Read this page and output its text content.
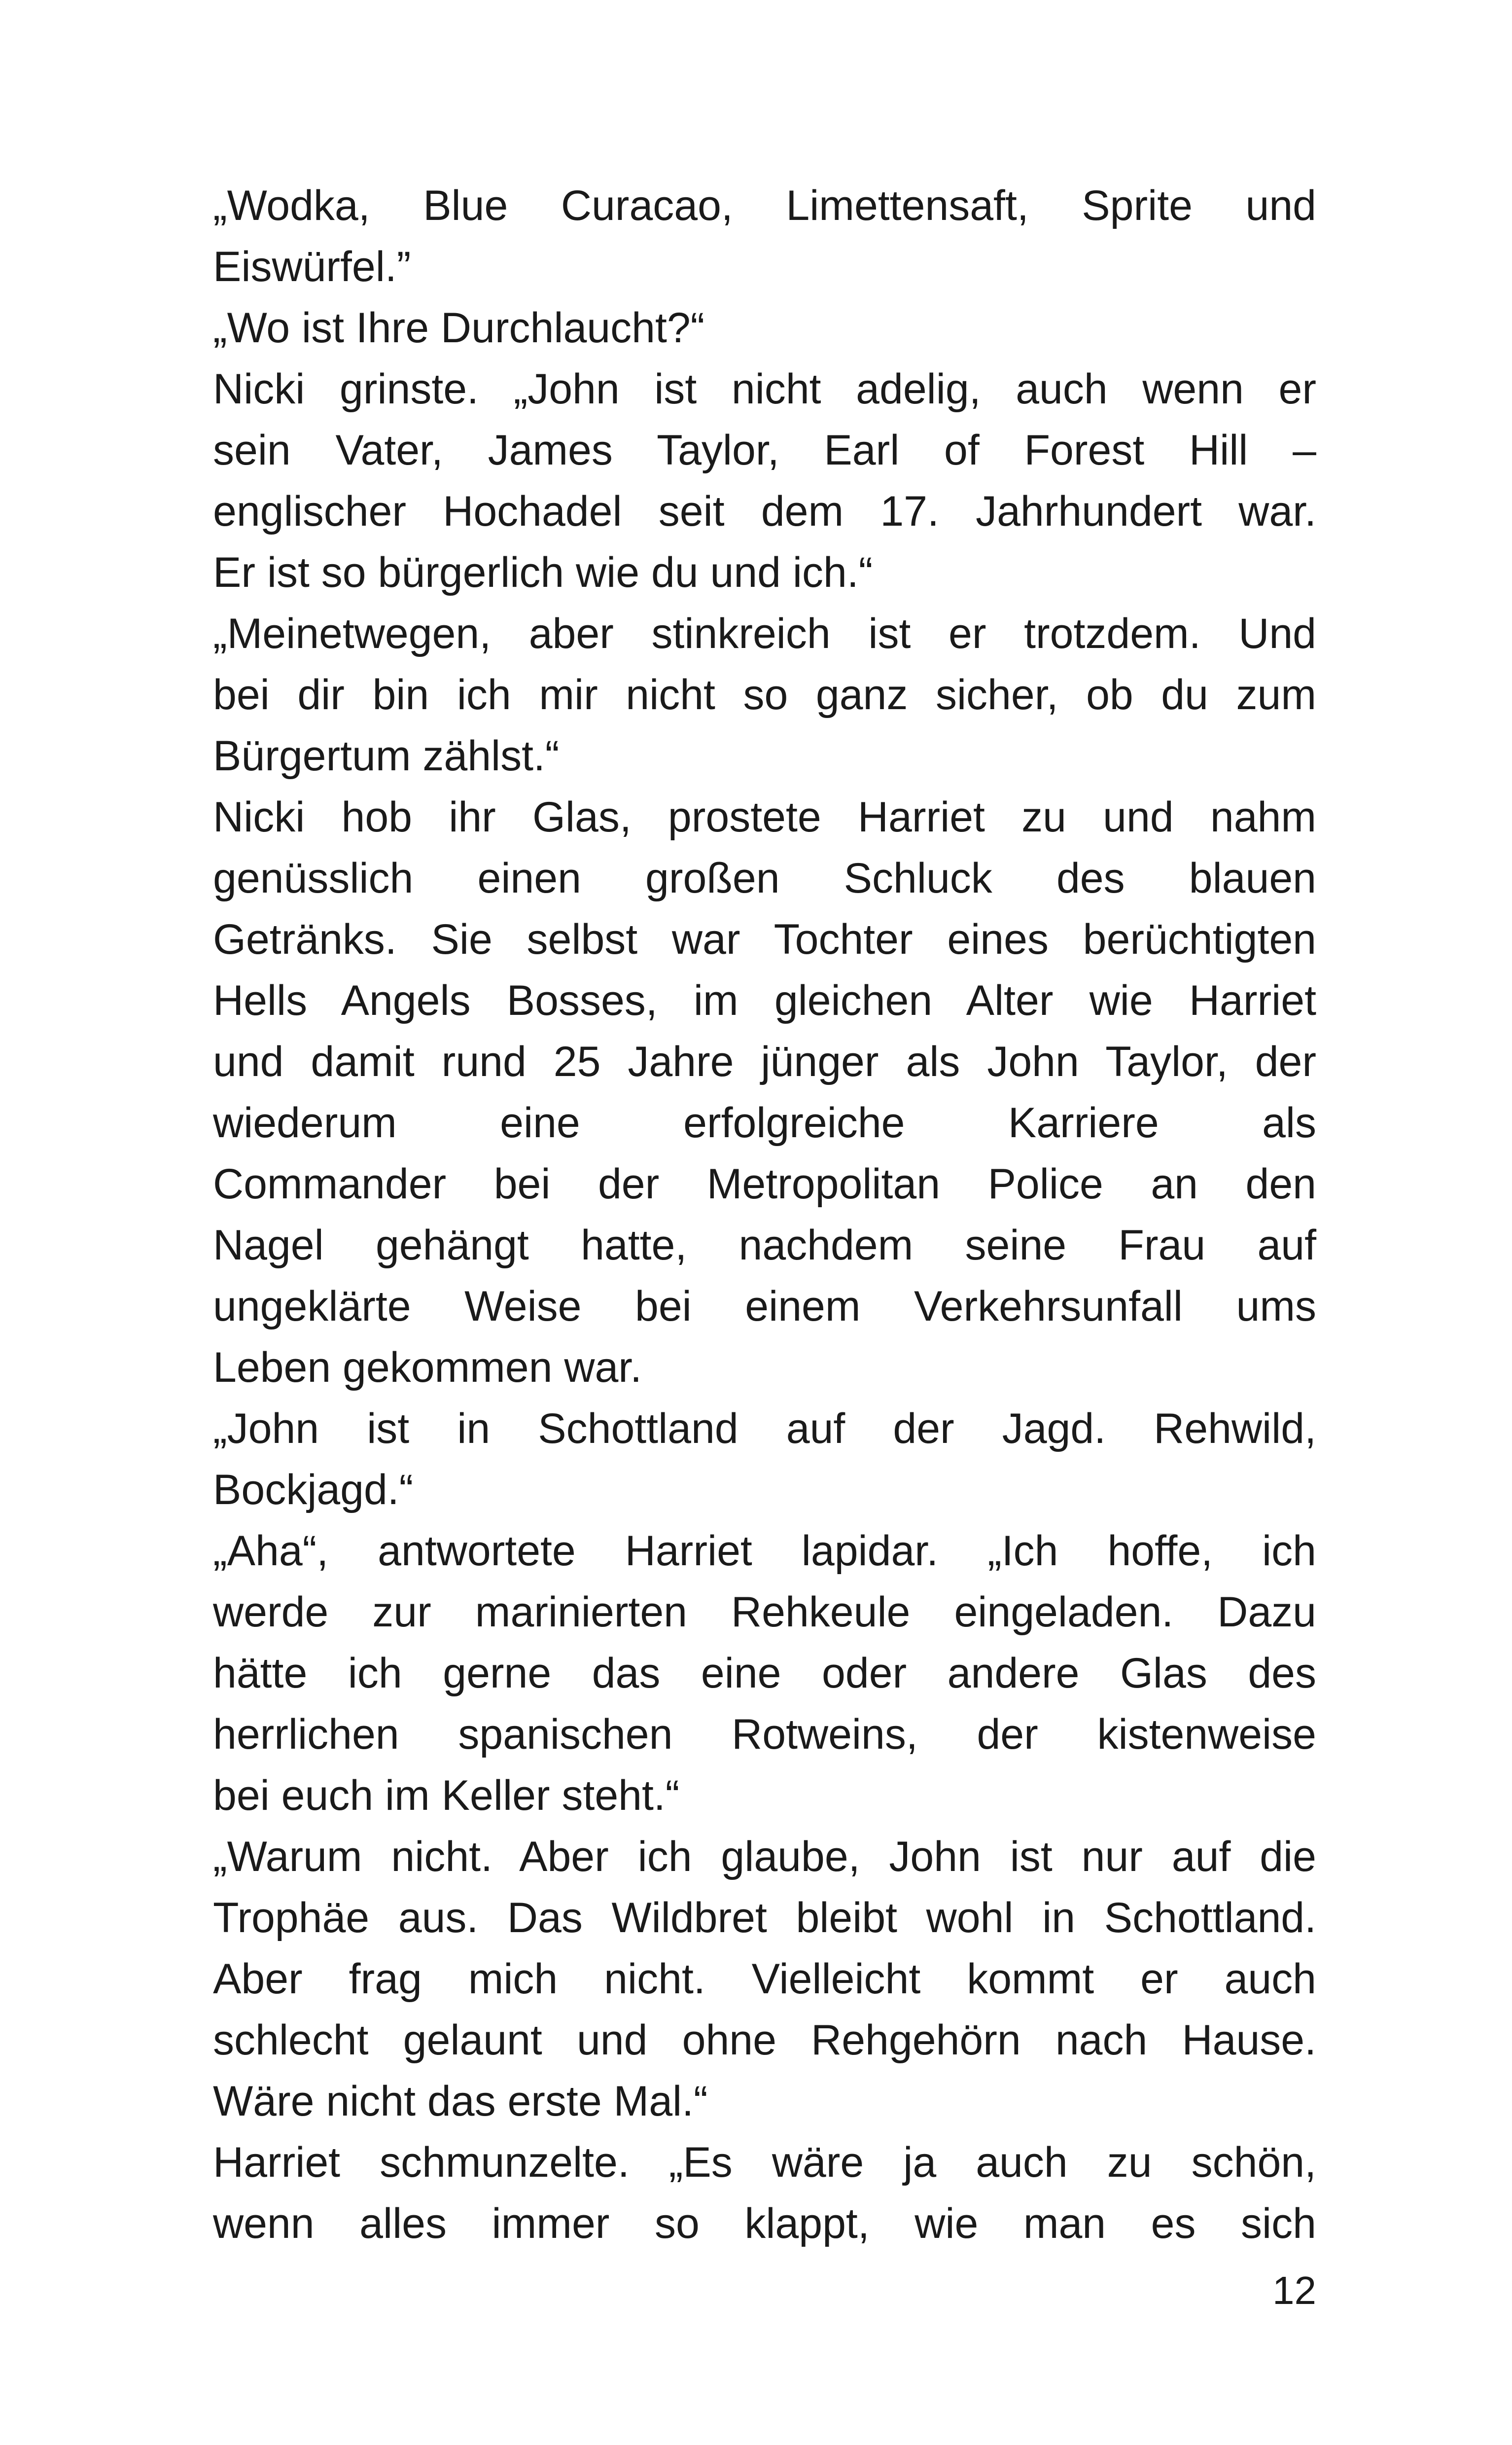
„Wodka, Blue Curacao, Limettensaft, Sprite und
Eiswürfel.”
„Wo ist Ihre Durchlaucht?“
Nicki grinste. „John ist nicht adelig, auch wenn er
sein Vater, James Taylor, Earl of Forest Hill –
englischer Hochadel seit dem 17. Jahrhundert war.
Er ist so bürgerlich wie du und ich.“
„Meinetwegen, aber stinkreich ist er trotzdem. Und
bei dir bin ich mir nicht so ganz sicher, ob du zum
Bürgertum zählst.“
Nicki hob ihr Glas, prostete Harriet zu und nahm
genüsslich einen großen Schluck des blauen
Getränks. Sie selbst war Tochter eines berüchtigten
Hells Angels Bosses, im gleichen Alter wie Harriet
und damit rund 25 Jahre jünger als John Taylor, der
wiederum eine erfolgreiche Karriere als
Commander bei der Metropolitan Police an den
Nagel gehängt hatte, nachdem seine Frau auf
ungeklärte Weise bei einem Verkehrsunfall ums
Leben gekommen war.
„John ist in Schottland auf der Jagd. Rehwild,
Bockjagd.“
„Aha“, antwortete Harriet lapidar. „Ich hoffe, ich
werde zur marinierten Rehkeule eingeladen. Dazu
hätte ich gerne das eine oder andere Glas des
herrlichen spanischen Rotweins, der kistenweise
bei euch im Keller steht.“
„Warum nicht. Aber ich glaube, John ist nur auf die
Trophäe aus. Das Wildbret bleibt wohl in Schottland.
Aber frag mich nicht. Vielleicht kommt er auch
schlecht gelaunt und ohne Rehgehörn nach Hause.
Wäre nicht das erste Mal.“
Harriet schmunzelte. „Es wäre ja auch zu schön,
wenn alles immer so klappt, wie man es sich
12
